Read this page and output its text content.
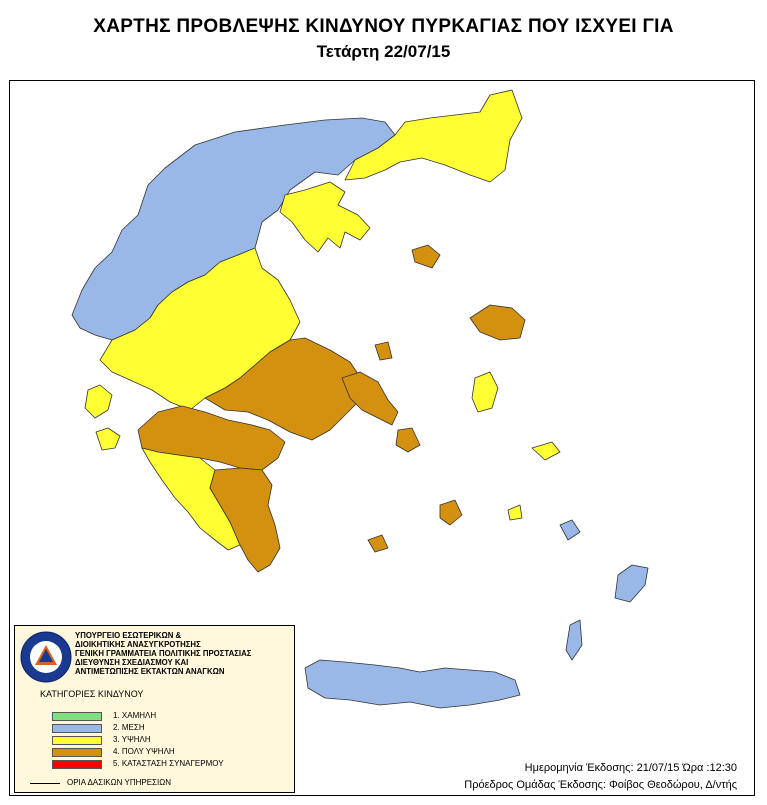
ΧΑΡΤΗΣ ΠΡΟΒΛΕΨΗΣ ΚΙΝΔΥΝΟΥ ΠΥΡΚΑΓΙΑΣ ΠΟΥ ΙΣΧΥΕΙ ΓΙΑ
Τετάρτη 22/07/15
ΥΠΟΥΡΓΕΙΟ ΕΣΩΤΕΡΙΚΩΝ &
ΔΙΟΙΚΗΤΙΚΗΣ ΑΝΑΣΥΓΚΡΟΤΗΣΗΣ
ΓΕΝΙΚΗ ΓΡΑΜΜΑΤΕΙΑ ΠΟΛΙΤΙΚΗΣ ΠΡΟΣΤΑΣΙΑΣ
ΔΙΕΥΘΥΝΣΗ ΣΧΕΔΙΑΣΜΟΥ ΚΑΙ
ΑΝΤΙΜΕΤΩΠΙΣΗΣ ΕΚΤΑΚΤΩΝ ΑΝΑΓΚΩΝ
ΚΑΤΗΓΟΡΙΕΣ ΚΙΝΔΥΝΟΥ
1. ΧΑΜΗΛΗ
2. ΜΕΣΗ
3. ΥΨΗΛΗ
4. ΠΟΛΥ ΥΨΗΛΗ
5. ΚΑΤΑΣΤΑΣΗ ΣΥΝΑΓΕΡΜΟΥ
ΟΡΙΑ ΔΑΣΙΚΩΝ ΥΠΗΡΕΣΙΩΝ
Ημερομηνία Έκδοσης: 21/07/15 Ώρα :12:30
Πρόεδρος Ομάδας Έκδοσης: Φοίβος Θεοδώρου, Δ/ντής
